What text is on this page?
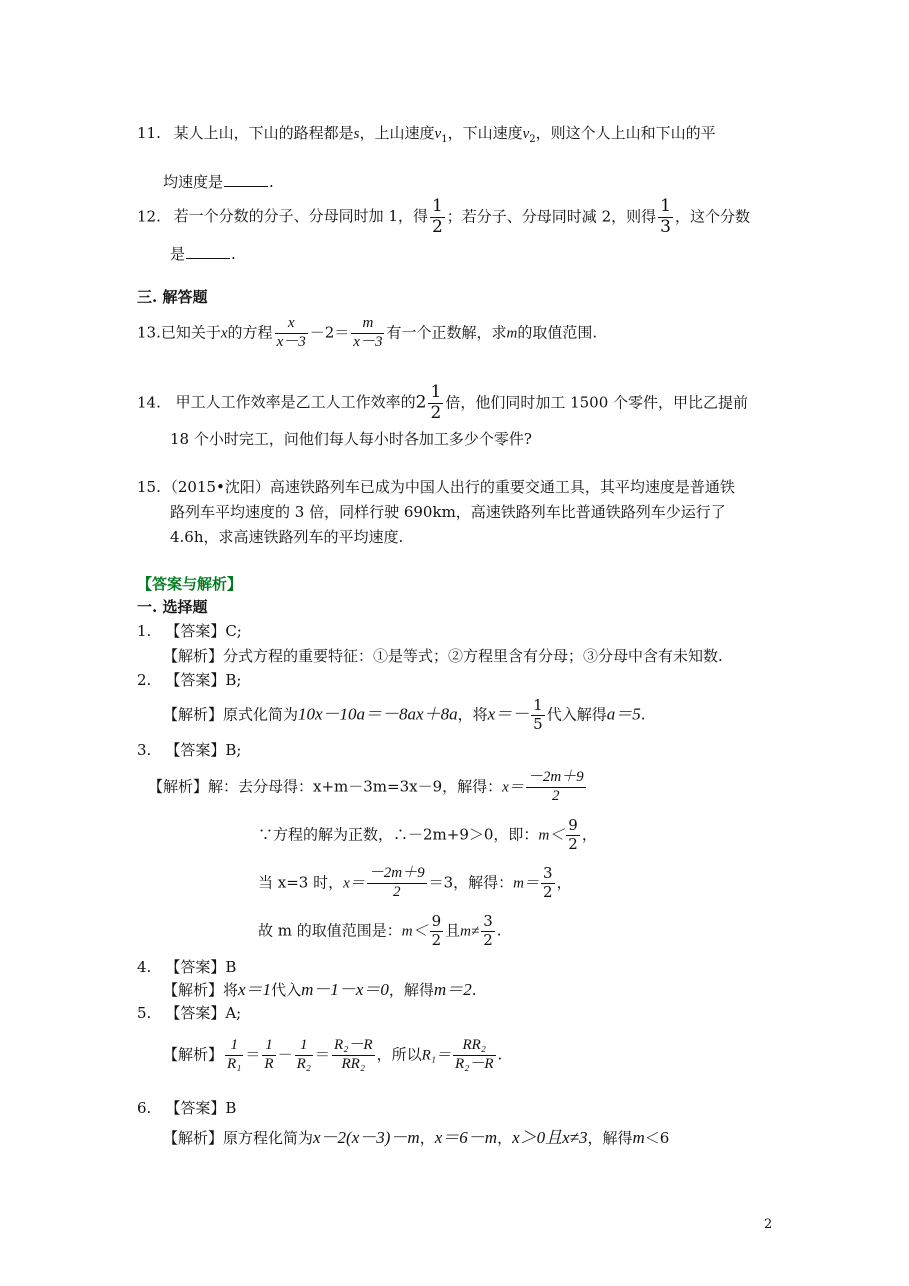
11. 某人上山，下山的路程都是s，上山速度$v_1$，下山速度$v_2$，则这个人上山和下山的平
均速度是	.
12. 若一个分数的分子、分母同时加 1，得 $\frac{1}{2}$ ；若分子、分母同时减 2，则得 $\frac{1}{3}$ ，这个分数
是	.
三. 解答题
13.已知关于x的方程 $\frac{x}{x-3} -2= \frac{m}{x-3}$ 有一个正数解，求m的取值范围.
14. 甲工人工作效率是乙工人工作效率的$2 \frac{1}{2}$ 倍，他们同时加工 1500 个零件，甲比乙提前
18 个小时完工，问他们每人每小时各加工多少个零件?
15. （2015•沈阳）高速铁路列车已成为中国人出行的重要交通工具，其平均速度是普通铁
路列车平均速度的 3 倍，同样行驶 690km，高速铁路列车比普通铁路列车少运行了
4.6h，求高速铁路列车的平均速度.
【答案与解析】
一. 选择题
1. 【答案】C;
【解析】分式方程的重要特征：①是等式；②方程里含有分母；③分母中含有未知数.
2. 【答案】B;
【解析】原式化简为10x－10a＝－8ax＋8a，将$x=- \frac{1}{5}$ 代入解得a＝5.
3. 【答案】B;
【解析】解：去分母得：x+m－3m=3x－9，解得：$x= \frac{-2m+9}{2}$
∵方程的解为正数，∴－2m+9＞0，即：$m< \frac{9}{2}$ ，
当 x=3 时，$x= \frac{-2m+9}{2} =3$，解得：$m= \frac{3}{2}$ ，
故 m 的取值范围是：$m< \frac{9}{2}$ 且$m\ne \frac{3}{2}$ .
4. 【答案】B
【解析】将x＝1代入m－1－x＝0，解得m＝2.
5. 【答案】A;
【解析】 $\frac{1}{\text{R₁}} = \frac{1}{R} - \frac{1}{\text{R₂}} = \frac{\text{R₂－R}}{\text{RR₂}}$ ，所以$R_1= \frac{\text{RR₂}}{\text{R₂－R}}$ .
6. 【答案】B
【解析】原方程化简为x－2(x－3)－m，x＝6－m，x＞0且x≠3，解得m＜6
2
